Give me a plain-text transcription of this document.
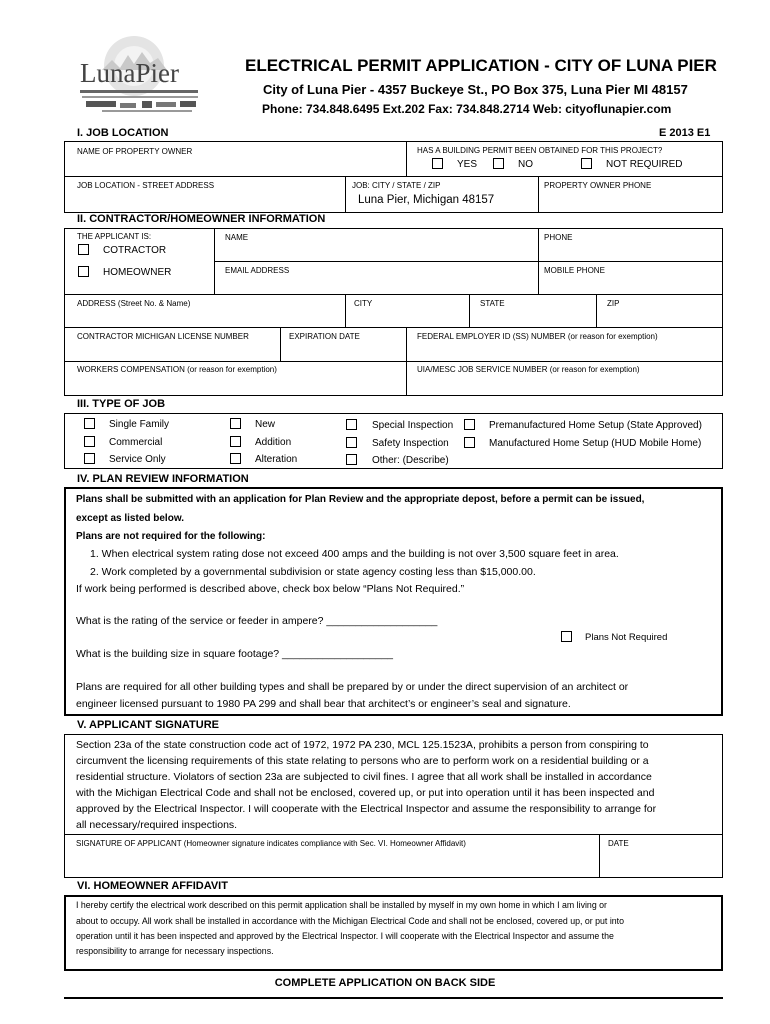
LunaPier	ELECTRICAL PERMIT APPLICATION - CITY OF LUNA PIER
City of Luna Pier - 4357 Buckeye St., PO Box 375, Luna Pier MI 48157
Phone: 734.848.6495 Ext.202 Fax: 734.848.2714 Web: cityoflunapier.com
I. JOB LOCATION	E 2013 E1
NAME OF PROPERTY OWNER	HAS A BUILDING PERMIT BEEN OBTAINED FOR THIS PROJECT?
YES	NO	NOT REQUIRED
JOB LOCATION - STREET ADDRESS	JOB: CITY / STATE / ZIP
Luna Pier, Michigan 48157
PROPERTY OWNER PHONE
II. CONTRACTOR/HOMEOWNER INFORMATION
THE APPLICANT IS:
COTRACTOR
HOMEOWNER
NAME	PHONE
EMAIL ADDRESS	MOBILE PHONE
ADDRESS (Street No. & Name)	CITY	STATE	ZIP
CONTRACTOR MICHIGAN LICENSE NUMBER	EXPIRATION DATE	FEDERAL EMPLOYER ID (SS) NUMBER (or reason for exemption)
WORKERS COMPENSATION (or reason for exemption)	UIA/MESC JOB SERVICE NUMBER (or reason for exemption)
III. TYPE OF JOB
Single Family
Commercial
Service Only
New
Addition
Alteration
Special Inspection
Safety Inspection
Other: (Describe)
Premanufactured Home Setup (State Approved)
Manufactured Home Setup (HUD Mobile Home)
IV. PLAN REVIEW INFORMATION
Plans shall be submitted with an application for Plan Review and the appropriate depost, before a permit can be issued,
except as listed below.
Plans are not required for the following:
1. When electrical system rating dose not exceed 400 amps and the building is not over 3,500 square feet in area.
2. Work completed by a governmental subdivision or state agency costing less than $15,000.00.
If work being performed is described above, check box below “Plans Not Required.”
What is the rating of the service or feeder in ampere? ___________________
Plans Not Required
What is the building size in square footage? ___________________
Plans are required for all other building types and shall be prepared by or under the direct supervision of an architect or
engineer licensed pursuant to 1980 PA 299 and shall bear that architect’s or engineer’s seal and signature.
V. APPLICANT SIGNATURE
Section 23a of the state construction code act of 1972, 1972 PA 230, MCL 125.1523A, prohibits a person from conspiring to
circumvent the licensing requirements of this state relating to persons who are to perform work on a residential building or a
residential structure. Violators of section 23a are subjected to civil fines. I agree that all work shall be installed in accordance
with the Michigan Electrical Code and shall not be enclosed, covered up, or put into operation until it has been inspected and
approved by the Electrical Inspector. I will cooperate with the Electrical Inspector and assume the responsibility to arrange for
all necessary/required inspections.
SIGNATURE OF APPLICANT (Homeowner signature indicates compliance with Sec. VI. Homeowner Affidavit)	DATE
VI. HOMEOWNER AFFIDAVIT
I hereby certify the electrical work described on this permit application shall be installed by myself in my own home in which I am living or
about to occupy. All work shall be installed in accordance with the Michigan Electrical Code and shall not be enclosed, covered up, or put into
operation until it has been inspected and approved by the Electrical Inspector. I will cooperate with the Electrical Inspector and assume the
responsibility to arrange for necessary inspections.
COMPLETE APPLICATION ON BACK SIDE
